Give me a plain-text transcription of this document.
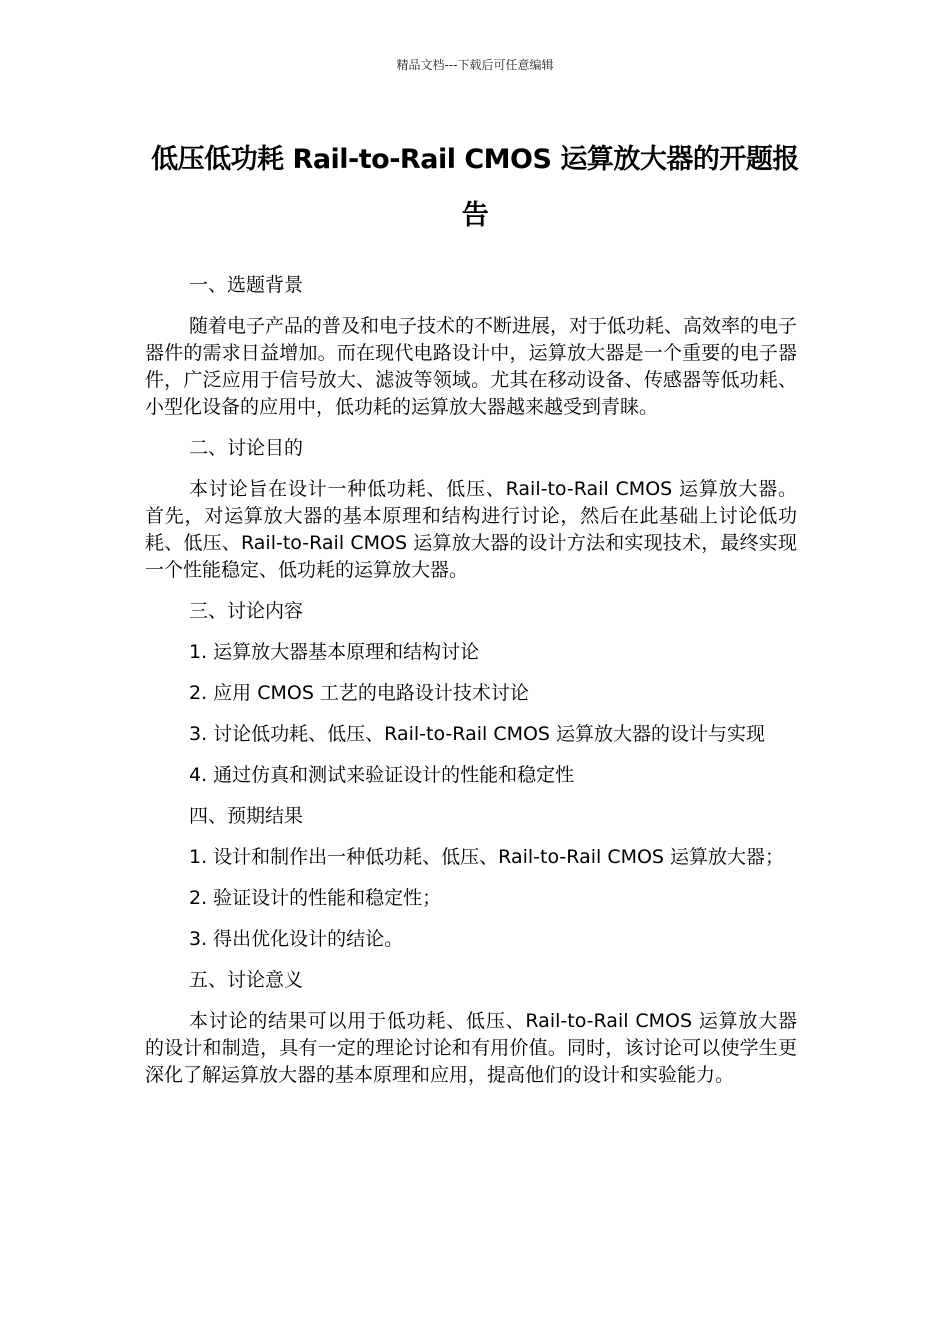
精品文档---下载后可任意编辑
低压低功耗 Rail-to-Rail CMOS 运算放大器的开题报告

一、选题背景

随着电子产品的普及和电子技术的不断进展，对于低功耗、高效率的电子器件的需求日益增加。而在现代电路设计中，运算放大器是一个重要的电子器件，广泛应用于信号放大、滤波等领域。尤其在移动设备、传感器等低功耗、小型化设备的应用中，低功耗的运算放大器越来越受到青睐。

二、讨论目的

本讨论旨在设计一种低功耗、低压、Rail-to-Rail CMOS 运算放大器。首先，对运算放大器的基本原理和结构进行讨论，然后在此基础上讨论低功耗、低压、Rail-to-Rail CMOS 运算放大器的设计方法和实现技术，最终实现一个性能稳定、低功耗的运算放大器。

三、讨论内容

1. 运算放大器基本原理和结构讨论

2. 应用 CMOS 工艺的电路设计技术讨论

3. 讨论低功耗、低压、Rail-to-Rail CMOS 运算放大器的设计与实现

4. 通过仿真和测试来验证设计的性能和稳定性

四、预期结果

1. 设计和制作出一种低功耗、低压、Rail-to-Rail CMOS 运算放大器；

2. 验证设计的性能和稳定性；

3. 得出优化设计的结论。

五、讨论意义

本讨论的结果可以用于低功耗、低压、Rail-to-Rail CMOS 运算放大器的设计和制造，具有一定的理论讨论和有用价值。同时，该讨论可以使学生更深化了解运算放大器的基本原理和应用，提高他们的设计和实验能力。
